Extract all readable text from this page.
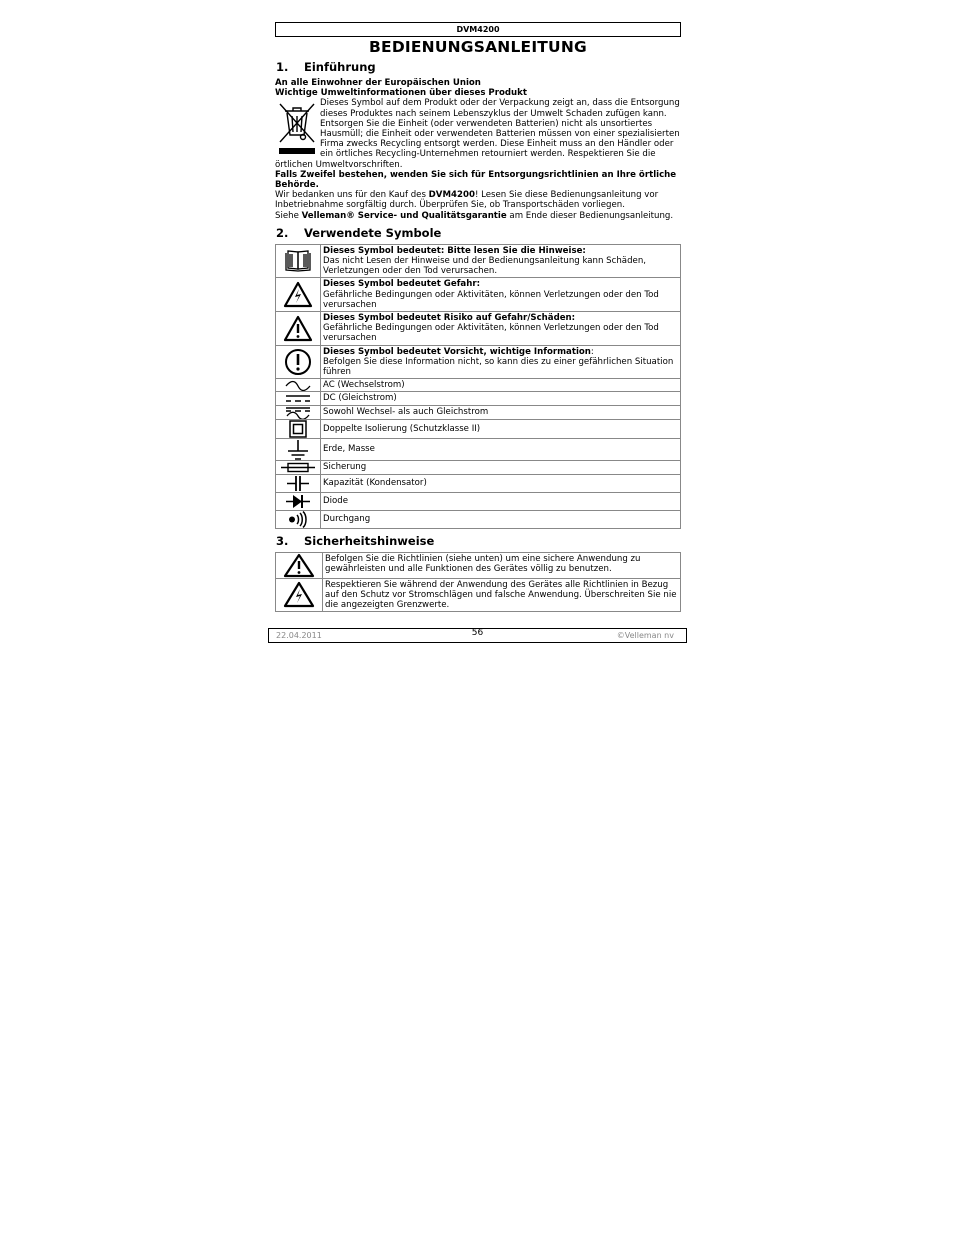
DVM4200
BEDIENUNGSANLEITUNG
1. Einführung

An alle Einwohner der Europäischen Union

Wichtige Umweltinformationen über dieses Produkt

Dieses Symbol auf dem Produkt oder der Verpackung zeigt an, dass die Entsorgung dieses Produktes nach seinem Lebenszyklus der Umwelt Schaden zufügen kann. Entsorgen Sie die Einheit (oder verwendeten Batterien) nicht als unsortiertes Hausmüll; die Einheit oder verwendeten Batterien müssen von einer spezialisierten Firma zwecks Recycling entsorgt werden. Diese Einheit muss an den Händler oder ein örtliches Recycling-Unternehmen retourniert werden. Respektieren Sie die örtlichen Umweltvorschriften.

Falls Zweifel bestehen, wenden Sie sich für Entsorgungsrichtlinien an Ihre örtliche Behörde.

Wir bedanken uns für den Kauf des DVM4200! Lesen Sie diese Bedienungsanleitung vor Inbetriebnahme sorgfältig durch. Überprüfen Sie, ob Transportschäden vorliegen.

Siehe Velleman® Service- und Qualitätsgarantie am Ende dieser Bedienungsanleitung.

2. Verwendete Symbole
	Dieses Symbol bedeutet: Bitte lesen Sie die Hinweise:
Das nicht Lesen der Hinweise und der Bedienungsanleitung kann Schäden, Verletzungen oder den Tod verursachen.

	Dieses Symbol bedeutet Gefahr:
Gefährliche Bedingungen oder Aktivitäten, können Verletzungen oder den Tod verursachen

	Dieses Symbol bedeutet Risiko auf Gefahr/Schäden:
Gefährliche Bedingungen oder Aktivitäten, können Verletzungen oder den Tod verursachen

	Dieses Symbol bedeutet Vorsicht, wichtige Information:
Befolgen Sie diese Information nicht, so kann dies zu einer gefährlichen Situation führen

	AC (Wechselstrom)

	DC (Gleichstrom)

	Sowohl Wechsel- als auch Gleichstrom

	Doppelte Isolierung (Schutzklasse II)

	Erde, Masse

	Sicherung

	Kapazität (Kondensator)

	Diode

	Durchgang
3. Sicherheitshinweise
	Befolgen Sie die Richtlinien (siehe unten) um eine sichere Anwendung zu gewährleisten und alle Funktionen des Gerätes völlig zu benutzen.

	Respektieren Sie während der Anwendung des Gerätes alle Richtlinien in Bezug auf den Schutz vor Stromschlägen und falsche Anwendung. Überschreiten Sie nie die angezeigten Grenzwerte.
22.04.2011	56	©Velleman nv
